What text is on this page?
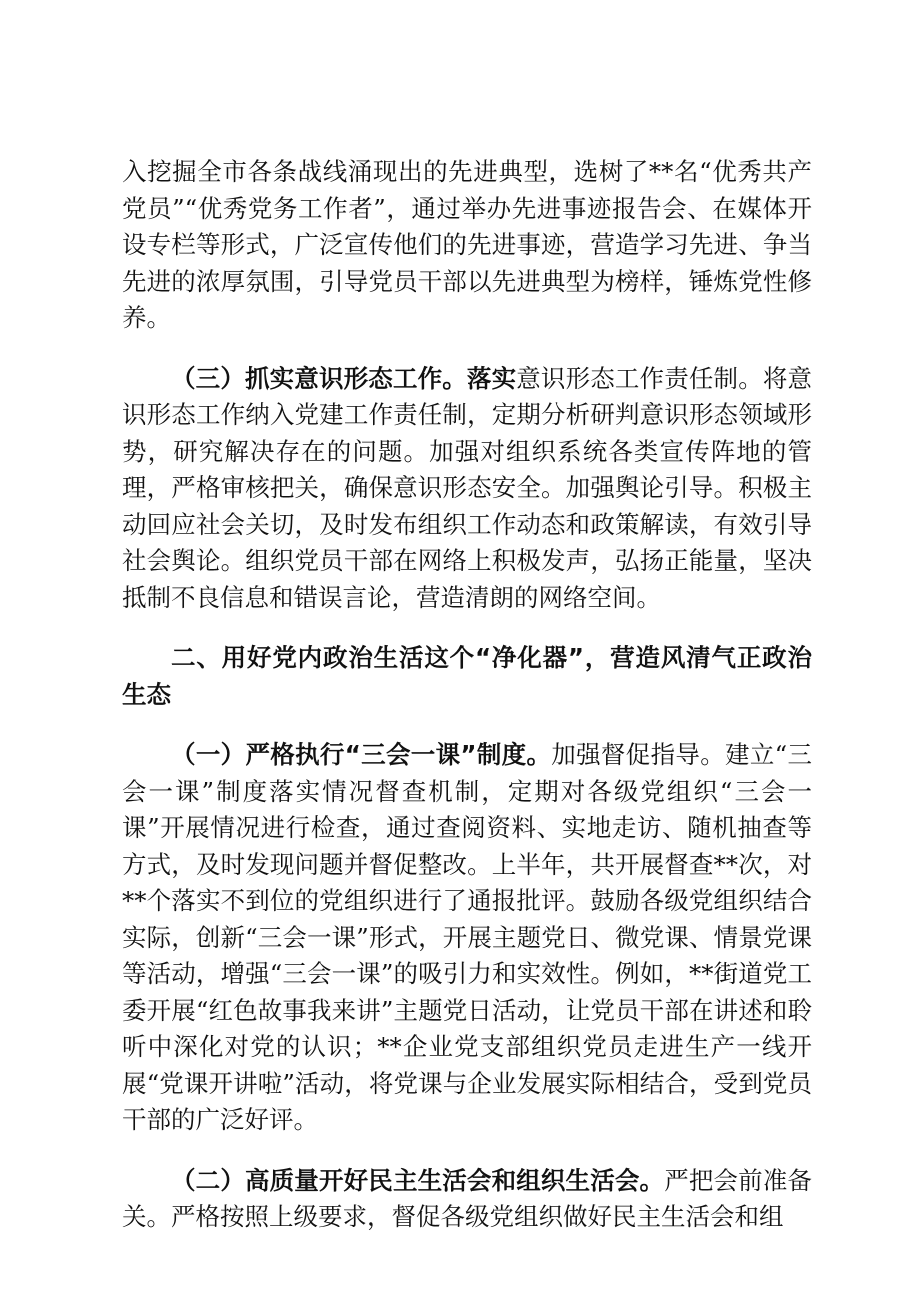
入挖掘全市各条战线涌现出的先进典型，选树了**名“优秀共产党员”“优秀党务工作者”，通过举办先进事迹报告会、在媒体开设专栏等形式，广泛宣传他们的先进事迹，营造学习先进、争当先进的浓厚氛围，引导党员干部以先进典型为榜样，锤炼党性修养。

（三）抓实意识形态工作。落实意识形态工作责任制。将意识形态工作纳入党建工作责任制，定期分析研判意识形态领域形势，研究解决存在的问题。加强对组织系统各类宣传阵地的管理，严格审核把关，确保意识形态安全。加强舆论引导。积极主动回应社会关切，及时发布组织工作动态和政策解读，有效引导社会舆论。组织党员干部在网络上积极发声，弘扬正能量，坚决抵制不良信息和错误言论，营造清朗的网络空间。

二、用好党内政治生活这个“净化器”，营造风清气正政治生态

（一）严格执行“三会一课”制度。加强督促指导。建立“三会一课”制度落实情况督查机制，定期对各级党组织“三会一课”开展情况进行检查，通过查阅资料、实地走访、随机抽查等方式，及时发现问题并督促整改。上半年，共开展督查**次，对**个落实不到位的党组织进行了通报批评。鼓励各级党组织结合实际，创新“三会一课”形式，开展主题党日、微党课、情景党课等活动，增强“三会一课”的吸引力和实效性。例如，**街道党工委开展“红色故事我来讲”主题党日活动，让党员干部在讲述和聆听中深化对党的认识；**企业党支部组织党员走进生产一线开展“党课开讲啦”活动，将党课与企业发展实际相结合，受到党员干部的广泛好评。

（二）高质量开好民主生活会和组织生活会。严把会前准备关。严格按照上级要求，督促各级党组织做好民主生活会和组
